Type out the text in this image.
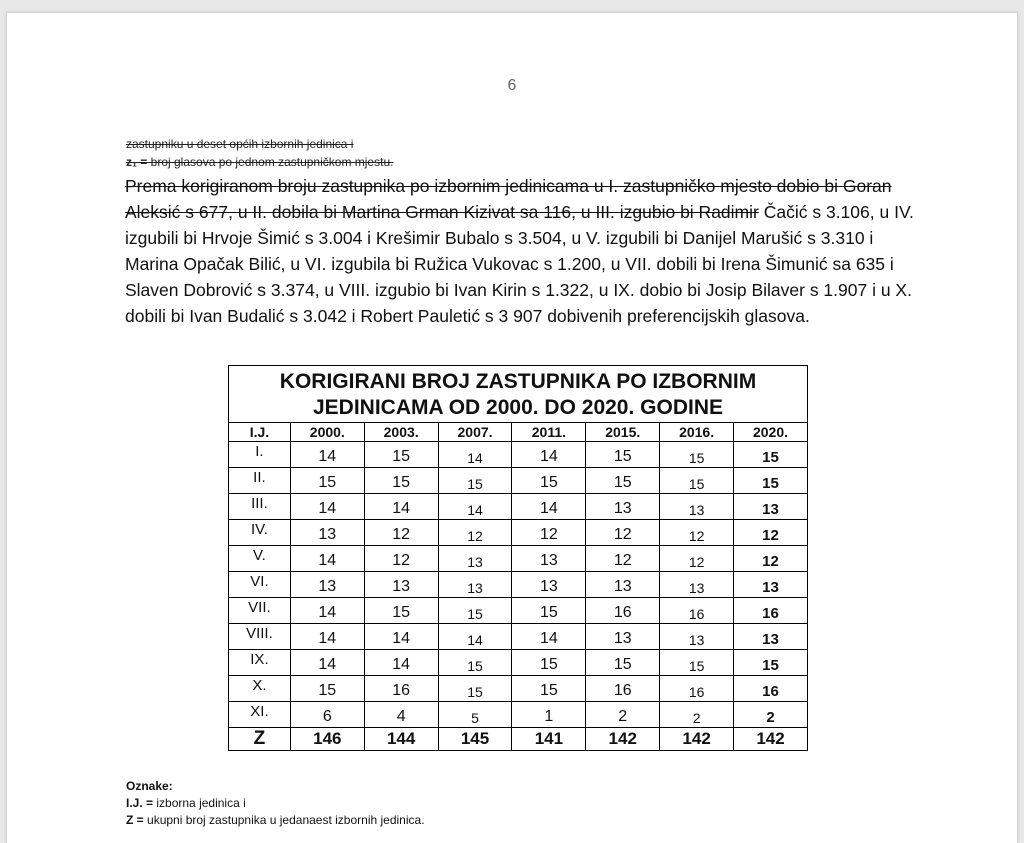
6
zastupniku u deset općih izbornih jedinica i
z₁ = broj glasova po jednom zastupničkom mjestu.
Prema korigiranom broju zastupnika po izbornim jedinicama u I. zastupničko mjesto dobio bi Goran Aleksić s 677, u II. dobila bi Martina Grman Kizivat sa 116, u III. izgubio bi Radimir Čačić s 3.106, u IV. izgubili bi Hrvoje Šimić s 3.004 i Krešimir Bubalo s 3.504, u V. izgubili bi Danijel Marušić s 3.310 i Marina Opačak Bilić, u VI. izgubila bi Ružica Vukovac s 1.200, u VII. dobili bi Irena Šimunić sa 635 i Slaven Dobrović s 3.374, u VIII. izgubio bi Ivan Kirin s 1.322, u IX. dobio bi Josip Bilaver s 1.907 i u X. dobili bi Ivan Budalić s 3.042 i Robert Pauletić s 3 907 dobivenih preferencijskih glasova.
KORIGIRANI BROJ ZASTUPNIKA PO IZBORNIM
JEDINICAMA OD 2000. DO 2020. GODINE							

I.J.	2000.	2003.	2007.	2011.	2015.	2016.	2020.
I.	14	15	14	14	15	15	15
II.	15	15	15	15	15	15	15
III.	14	14	14	14	13	13	13
IV.	13	12	12	12	12	12	12
V.	14	12	13	13	12	12	12
VI.	13	13	13	13	13	13	13
VII.	14	15	15	15	16	16	16
VIII.	14	14	14	14	13	13	13
IX.	14	14	15	15	15	15	15
X.	15	16	15	15	16	16	16
XI.	6	4	5	1	2	2	2
Z	146	144	145	141	142	142	142
Oznake:
I.J. = izborna jedinica i
Z = ukupni broj zastupnika u jedanaest izbornih jedinica.
